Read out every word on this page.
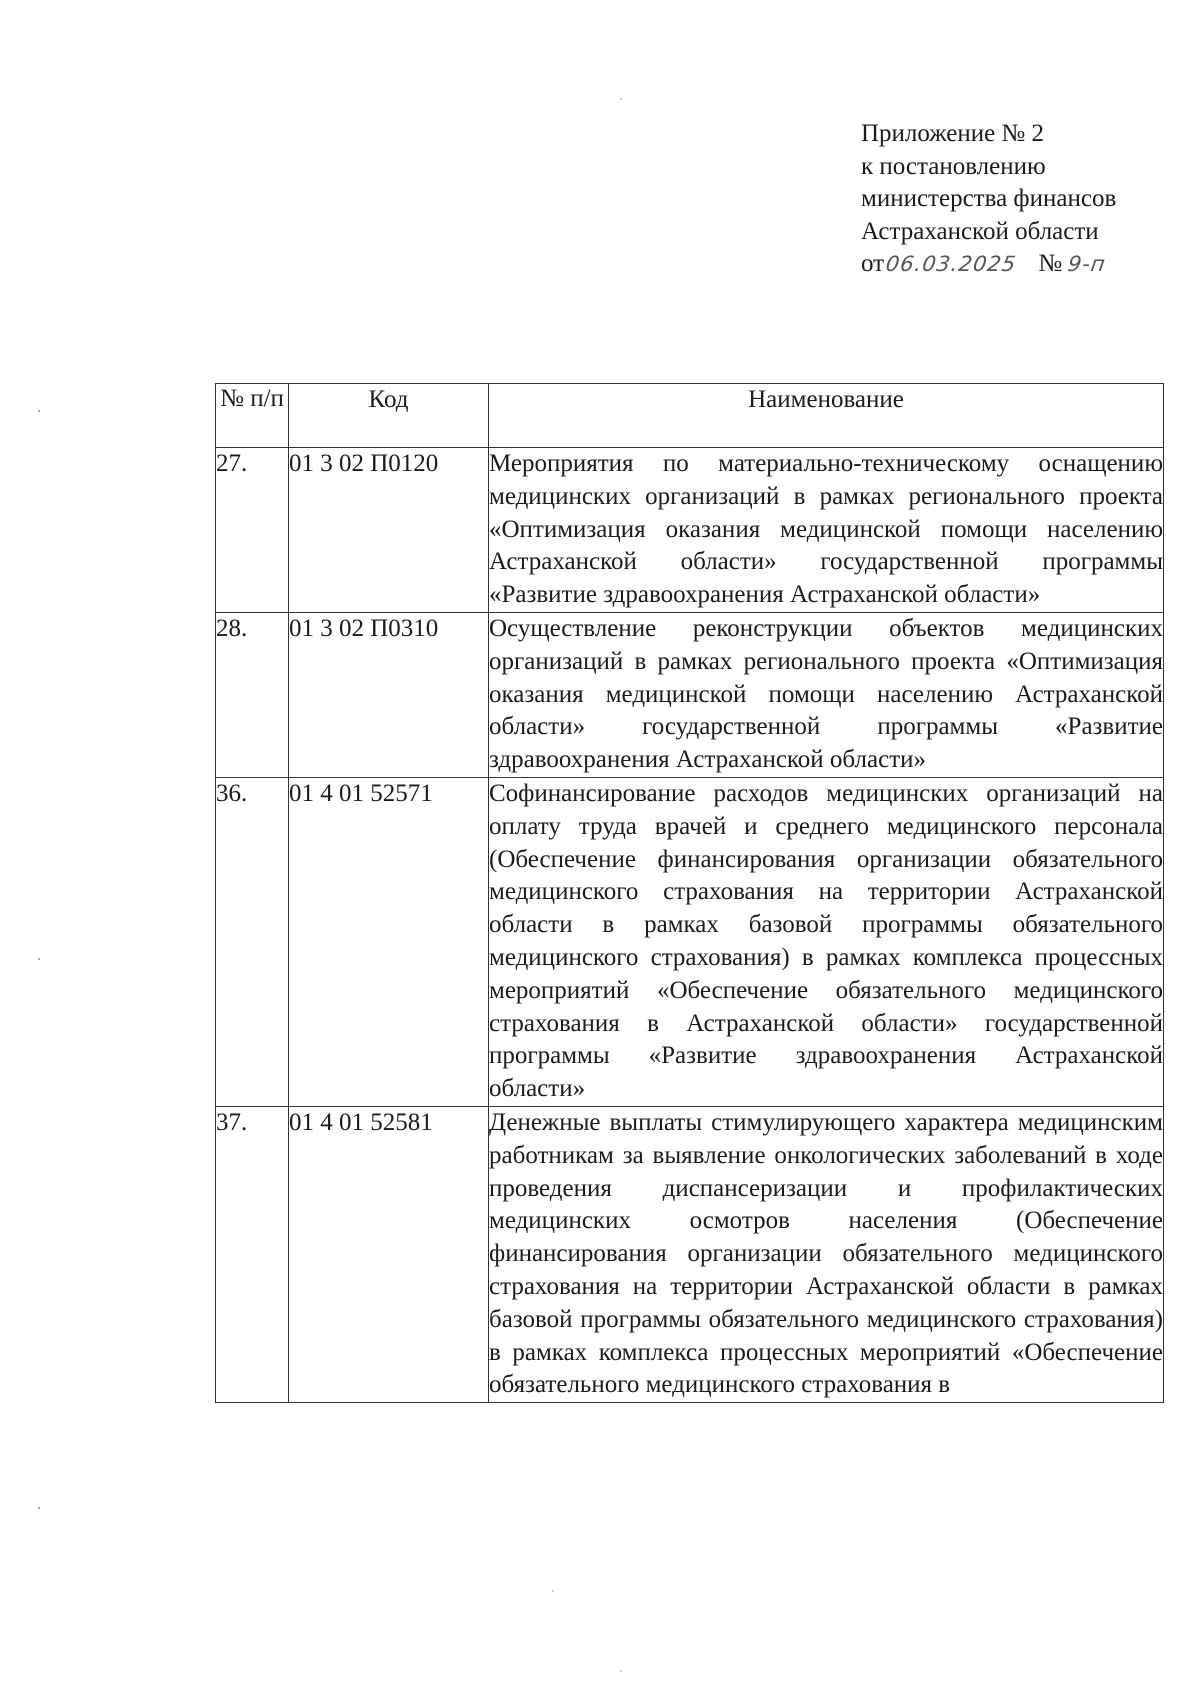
Приложение № 2
к постановлению
министерства финансов
Астраханской области
от06.03.2025 № 9-п
№ п/п	Код	Наименование
27.	01 3 02 П0120	Мероприятия по материально-техническому оснащению медицинских организаций в рамках регионального проекта «Оптимизация оказания медицинской помощи населению Астраханской области» государственной программы «Развитие здравоохранения Астраханской области»

28.	01 3 02 П0310	Осуществление реконструкции объектов медицинских организаций в рамках регионального проекта «Оптимизация оказания медицинской помощи населению Астраханской области» государственной программы «Развитие здравоохранения Астраханской области»

36.	01 4 01 52571	Софинансирование расходов медицинских организаций на оплату труда врачей и среднего медицинского персонала (Обеспечение финансирования организации обязательного медицинского страхования на территории Астраханской области в рамках базовой программы обязательного медицинского страхования) в рамках комплекса процессных мероприятий «Обеспечение обязательного медицинского страхования в Астраханской области» государственной программы «Развитие здравоохранения Астраханской области»

37.	01 4 01 52581	Денежные выплаты стимулирующего характера медицинским работникам за выявление онкологических заболеваний в ходе проведения диспансеризации и профилактических медицинских осмотров населения (Обеспечение финансирования организации обязательного медицинского страхования на территории Астраханской области в рамках базовой программы обязательного медицинского страхования) в рамках комплекса процессных мероприятий «Обеспечение обязательного медицинского страхования в
